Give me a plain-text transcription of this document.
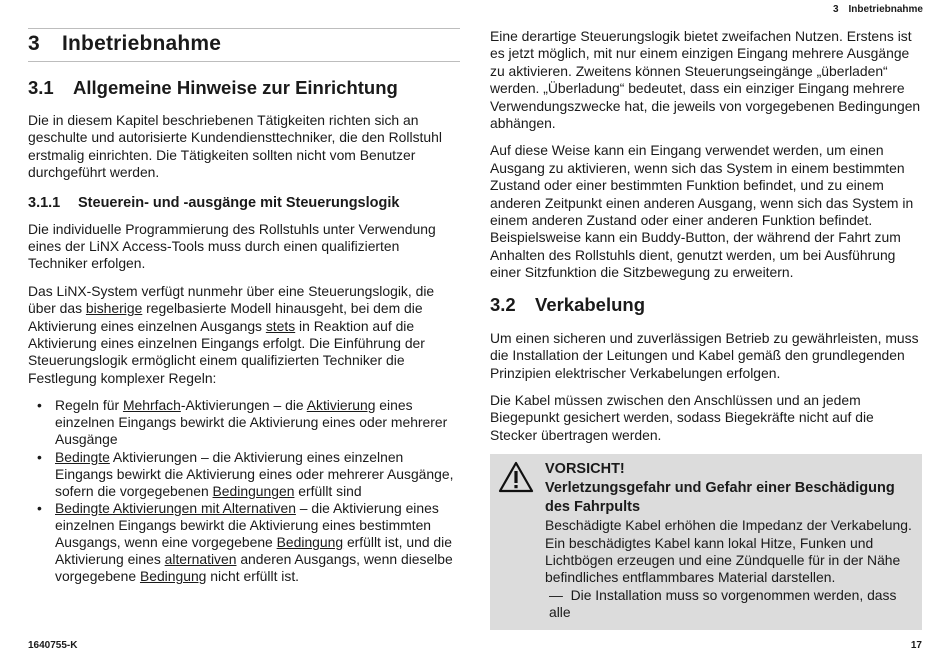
3 Inbetriebnahme
3 Inbetriebnahme
3.1 Allgemeine Hinweise zur Einrichtung

Die in diesem Kapitel beschriebenen Tätigkeiten richten sich an geschulte und autorisierte Kundendiensttechniker, die den Rollstuhl erstmalig einrichten. Die Tätigkeiten sollten nicht vom Benutzer durchgeführt werden.

3.1.1 Steuerein- und -ausgänge mit Steuerungslogik

Die individuelle Programmierung des Rollstuhls unter Verwendung eines der LiNX Access-Tools muss durch einen qualifizierten Techniker erfolgen.

Das LiNX-System verfügt nunmehr über eine Steuerungslogik, die über das bisherige regelbasierte Modell hinausgeht, bei dem die Aktivierung eines einzelnen Ausgangs stets in Reaktion auf die Aktivierung eines einzelnen Eingangs erfolgt. Die Einführung der Steuerungslogik ermöglicht einem qualifizierten Techniker die Festlegung komplexer Regeln:

• Regeln für Mehrfach-Aktivierungen – die Aktivierung eines einzelnen Eingangs bewirkt die Aktivierung eines oder mehrerer Ausgänge
• Bedingte Aktivierungen – die Aktivierung eines einzelnen Eingangs bewirkt die Aktivierung eines oder mehrerer Ausgänge, sofern die vorgegebenen Bedingungen erfüllt sind
• Bedingte Aktivierungen mit Alternativen – die Aktivierung eines einzelnen Eingangs bewirkt die Aktivierung eines bestimmten Ausgangs, wenn eine vorgegebene Bedingung erfüllt ist, und die Aktivierung eines alternativen anderen Ausgangs, wenn dieselbe vorgegebene Bedingung nicht erfüllt ist.

Eine derartige Steuerungslogik bietet zweifachen Nutzen. Erstens ist es jetzt möglich, mit nur einem einzigen Eingang mehrere Ausgänge zu aktivieren. Zweitens können Steuerungseingänge „überladen“ werden. „Überladung“ bedeutet, dass ein einziger Eingang mehrere Verwendungszwecke hat, die jeweils von vorgegebenen Bedingungen abhängen.

Auf diese Weise kann ein Eingang verwendet werden, um einen Ausgang zu aktivieren, wenn sich das System in einem bestimmten Zustand oder einer bestimmten Funktion befindet, und zu einem anderen Zeitpunkt einen anderen Ausgang, wenn sich das System in einem anderen Zustand oder einer anderen Funktion befindet. Beispielsweise kann ein Buddy-Button, der während der Fahrt zum Anhalten des Rollstuhls dient, genutzt werden, um bei Ausführung einer Sitzfunktion die Sitzbewegung zu erweitern.

3.2 Verkabelung

Um einen sicheren und zuverlässigen Betrieb zu gewährleisten, muss die Installation der Leitungen und Kabel gemäß den grundlegenden Prinzipien elektrischer Verkabelungen erfolgen.

Die Kabel müssen zwischen den Anschlüssen und an jedem Biegepunkt gesichert werden, sodass Biegekräfte nicht auf die Stecker übertragen werden.

VORSICHT!
Verletzungsgefahr und Gefahr einer Beschädigung des Fahrpults

Beschädigte Kabel erhöhen die Impedanz der Verkabelung. Ein beschädigtes Kabel kann lokal Hitze, Funken und Lichtbögen erzeugen und eine Zündquelle für in der Nähe befindliches entflammbares Material darstellen.

— Die Installation muss so vorgenommen werden, dass alle

1640755-K	17
